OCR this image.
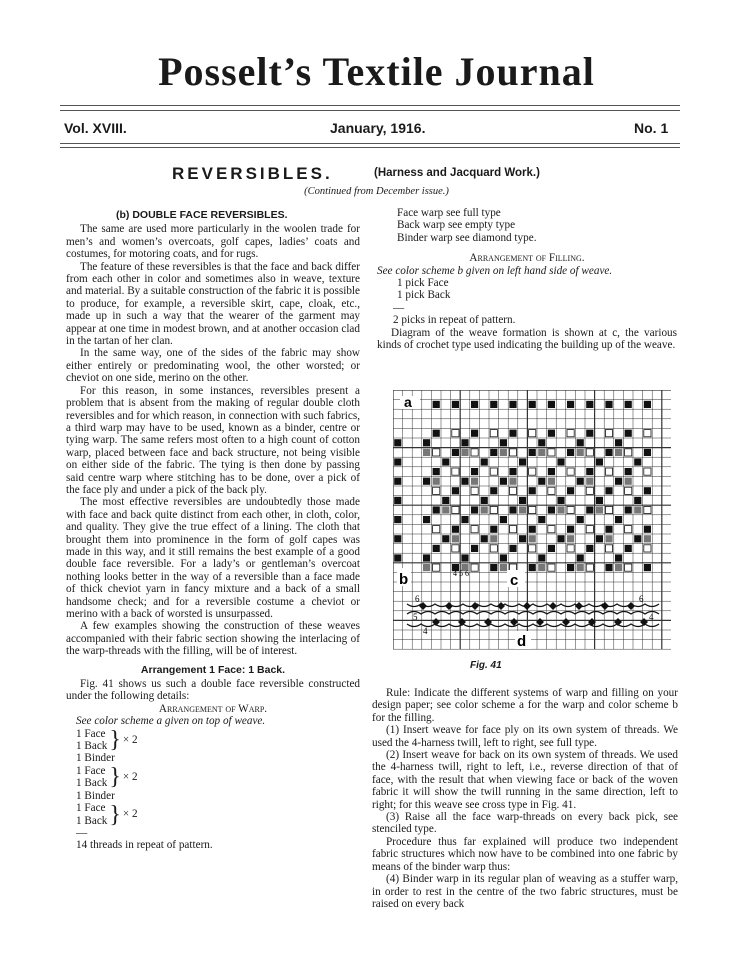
Posselt’s Textile Journal
Vol. XVIII.	January, 1916.	No. 1
REVERSIBLES.	(Harness and Jacquard Work.)
(Continued from December issue.)

(b) DOUBLE FACE REVERSIBLES.

The same are used more particularly in the woolen trade for men’s and women’s overcoats, golf capes, ladies’ coats and costumes, for motoring coats, and for rugs.

The feature of these reversibles is that the face and back differ from each other in color and sometimes also in weave, texture and material. By a suitable construction of the fabric it is possible to produce, for example, a reversible skirt, cape, cloak, etc., made up in such a way that the wearer of the garment may appear at one time in modest brown, and at another occasion clad in the tartan of her clan.

In the same way, one of the sides of the fabric may show either entirely or predominating wool, the other worsted; or cheviot on one side, merino on the other.

For this reason, in some instances, reversibles present a problem that is absent from the making of regular double cloth reversibles and for which reason, in connection with such fabrics, a third warp may have to be used, known as a binder, centre or tying warp. The same refers most often to a high count of cotton warp, placed between face and back structure, not being visible on either side of the fabric. The tying is then done by passing said centre warp where stitching has to be done, over a pick of the face ply and under a pick of the back ply.

The most effective reversibles are undoubtedly those made with face and back quite distinct from each other, in cloth, color, and quality. They give the true effect of a lining. The cloth that brought them into prominence in the form of golf capes was made in this way, and it still remains the best example of a good double face reversible. For a lady’s or gentleman’s overcoat nothing looks better in the way of a reversible than a face made of thick cheviot yarn in fancy mixture and a back of a small handsome check; and for a reversible costume a cheviot or merino with a back of worsted is unsurpassed.

A few examples showing the construction of these weaves accompanied with their fabric section showing the interlacing of the warp-threads with the filling, will be of interest.

Arrangement 1 Face: 1 Back.

Fig. 41 shows us such a double face reversible constructed under the following details:

Arrangement of Warp.

See color scheme a given on top of weave.

1 Face
1 Back } × 2

1 Binder

1 Face
1 Back } × 2

1 Binder

1 Face
1 Back } × 2

—

14 threads in repeat of pattern.

Face warp see full type

Back warp see empty type

Binder warp see diamond type.

Arrangement of Filling.

See color scheme b given on left hand side of weave.

1 pick Face

1 pick Back

—

2 picks in repeat of pattern.

Diagram of the weave formation is shown at c, the various kinds of crochet type used indicating the building up of the weave.

a
b	4 5 6	c
d
6	6
5
4
4
Fig. 41

Rule: Indicate the different systems of warp and filling on your design paper; see color scheme a for the warp and color scheme b for the filling.

(1) Insert weave for face ply on its own system of threads. We used the 4-harness twill, left to right, see full type.

(2) Insert weave for back on its own system of threads. We used the 4-harness twill, right to left, i.e., reverse direction of that of face, with the result that when viewing face or back of the woven fabric it will show the twill running in the same direction, left to right; for this weave see cross type in Fig. 41.

(3) Raise all the face warp-threads on every back pick, see stenciled type.

Procedure thus far explained will produce two independent fabric structures which now have to be combined into one fabric by means of the binder warp thus:

(4) Binder warp in its regular plan of weaving as a stuffer warp, in order to rest in the centre of the two fabric structures, must be raised on every back
